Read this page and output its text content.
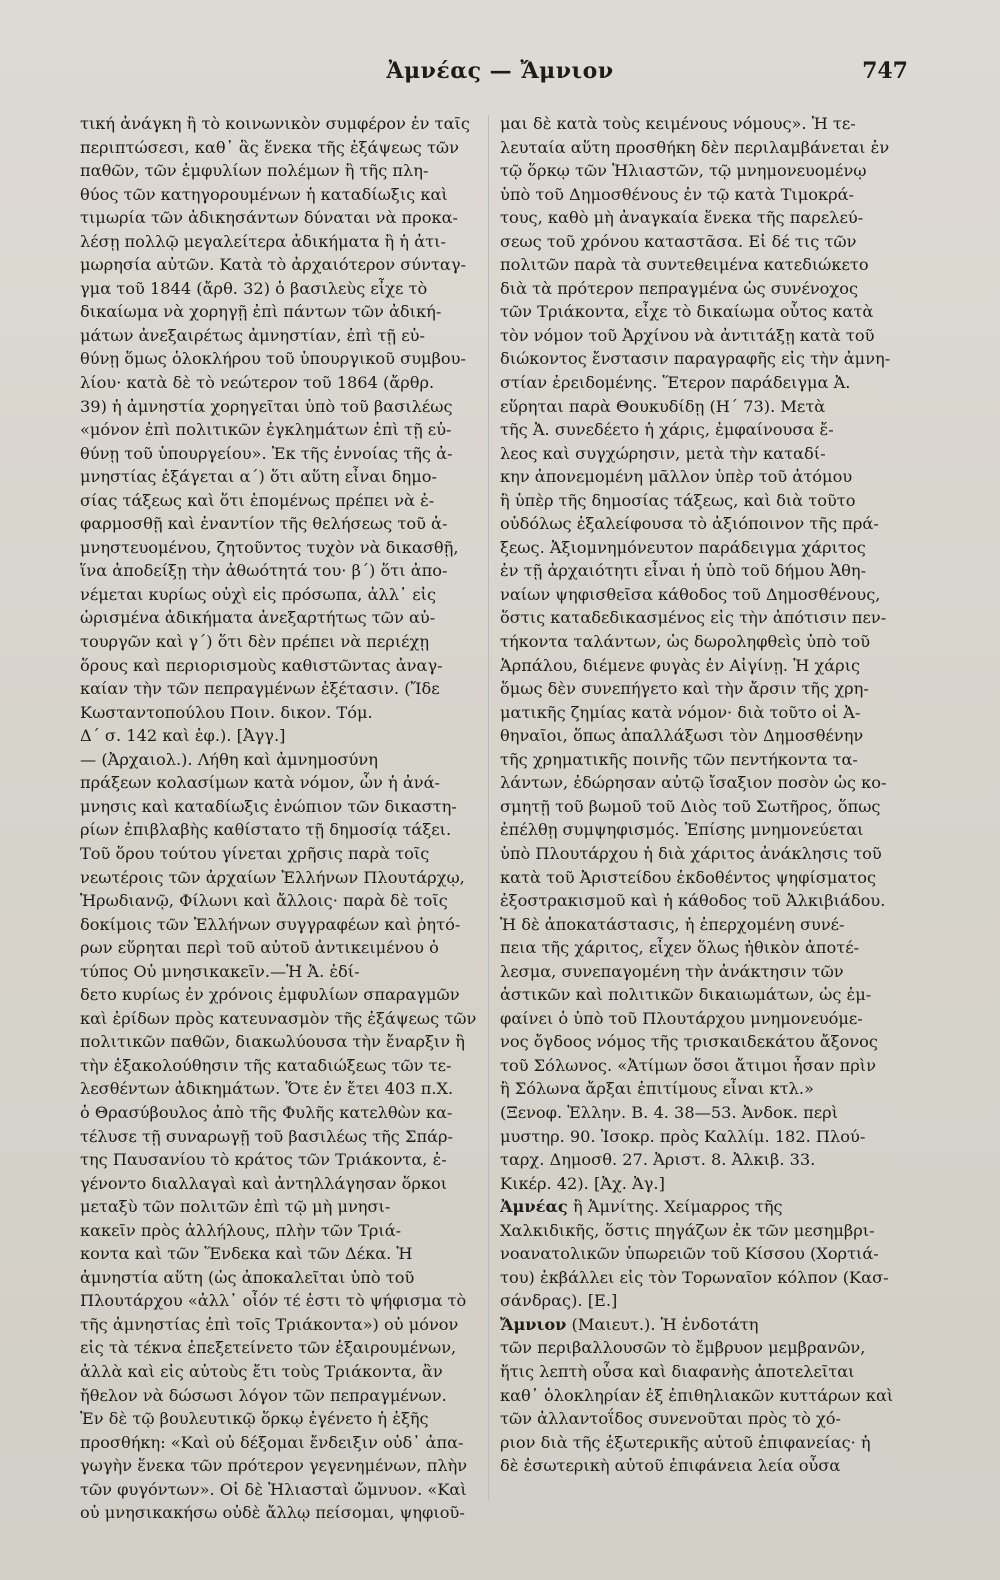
Ἀμνέας — Ἄμνιον	747
τική ἀνάγκη ἢ τὸ κοινωνικὸν συμφέρον ἐν ταῖς
περιπτώσεσι, καθ᾽ ἃς ἕνεκα τῆς ἐξάψεως τῶν
παθῶν, τῶν ἐμφυλίων πολέμων ἢ τῆς πλη-
θύος τῶν κατηγορουμένων ἡ καταδίωξις καὶ
τιμωρία τῶν ἀδικησάντων δύναται νὰ προκα-
λέσῃ πολλῷ μεγαλείτερα ἀδικήματα ἢ ἡ ἀτι-
μωρησία αὐτῶν. Κατὰ τὸ ἀρχαιότερον σύνταγ-
γμα τοῦ 1844 (ἄρθ. 32) ὁ βασιλεὺς εἶχε τὸ
δικαίωμα νὰ χορηγῇ ἐπὶ πάντων τῶν ἀδική-
μάτων ἀνεξαιρέτως ἀμνηστίαν, ἐπὶ τῇ εὐ-
θύνῃ ὅμως ὁλοκλήρου τοῦ ὑπουργικοῦ συμβου-
λίου· κατὰ δὲ τὸ νεώτερον τοῦ 1864 (ἄρθρ.
39) ἡ ἀμνηστία χορηγεῖται ὑπὸ τοῦ βασιλέως
«μόνον ἐπὶ πολιτικῶν ἐγκλημάτων ἐπὶ τῇ εὐ-
θύνῃ τοῦ ὑπουργείου». Ἐκ τῆς ἐννοίας τῆς ἀ-
μνηστίας ἐξάγεται α´) ὅτι αὕτη εἶναι δημο-
σίας τάξεως καὶ ὅτι ἑπομένως πρέπει νὰ ἐ-
φαρμοσθῇ καὶ ἐναντίον τῆς θελήσεως τοῦ ἀ-
μνηστευομένου, ζητοῦντος τυχὸν νὰ δικασθῇ,
ἵνα ἀποδείξῃ τὴν ἀθωότητά του· β´) ὅτι ἀπο-
νέμεται κυρίως οὐχὶ εἰς πρόσωπα, ἀλλ᾽ εἰς
ὡρισμένα ἀδικήματα ἀνεξαρτήτως τῶν αὐ-
τουργῶν καὶ γ´) ὅτι δὲν πρέπει νὰ περιέχῃ
ὅρους καὶ περιορισμοὺς καθιστῶντας ἀναγ-
καίαν τὴν τῶν πεπραγμένων ἐξέτασιν. (Ἴδε
Κωσταντοπούλου Ποιν. δικον. Τόμ.
Δ´ σ. 142 καὶ ἑφ.). [Ἀγγ.]
— (Ἀρχαιολ.). Λήθη καὶ ἀμνημοσύνη
πράξεων κολασίμων κατὰ νόμον, ὧν ἡ ἀνά-
μνησις καὶ καταδίωξις ἐνώπιον τῶν δικαστη-
ρίων ἐπιβλαβὴς καθίστατο τῇ δημοσίᾳ τάξει.
Τοῦ ὅρου τούτου γίνεται χρῆσις παρὰ τοῖς
νεωτέροις τῶν ἀρχαίων Ἑλλήνων Πλουτάρχῳ,
Ἡρωδιανῷ, Φίλωνι καὶ ἄλλοις· παρὰ δὲ τοῖς
δοκίμοις τῶν Ἑλλήνων συγγραφέων καὶ ῥητό-
ρων εὕρηται περὶ τοῦ αὐτοῦ ἀντικειμένου ὁ
τύπος Οὐ μνησικακεῖν.—Ἡ Ἀ. ἐδί-
δετο κυρίως ἐν χρόνοις ἐμφυλίων σπαραγμῶν
καὶ ἐρίδων πρὸς κατευνασμὸν τῆς ἐξάψεως τῶν
πολιτικῶν παθῶν, διακωλύουσα τὴν ἔναρξιν ἢ
τὴν ἐξακολούθησιν τῆς καταδιώξεως τῶν τε-
λεσθέντων ἀδικημάτων. Ὅτε ἐν ἔτει 403 π.Χ.
ὁ Θρασύβουλος ἀπὸ τῆς Φυλῆς κατελθὼν κα-
τέλυσε τῇ συναρωγῇ τοῦ βασιλέως τῆς Σπάρ-
της Παυσανίου τὸ κράτος τῶν Τριάκοντα, ἐ-
γένοντο διαλλαγαὶ καὶ ἀντηλλάγησαν ὅρκοι
μεταξὺ τῶν πολιτῶν ἐπὶ τῷ μὴ μνησι-
κακεῖν πρὸς ἀλλήλους, πλὴν τῶν Τριά-
κοντα καὶ τῶν Ἕνδεκα καὶ τῶν Δέκα. Ἡ
ἀμνηστία αὕτη (ὡς ἀποκαλεῖται ὑπὸ τοῦ
Πλουτάρχου «ἀλλ᾽ οἷόν τέ ἐστι τὸ ψήφισμα τὸ
τῆς ἀμνηστίας ἐπὶ τοῖς Τριάκοντα») οὐ μόνον
εἰς τὰ τέκνα ἐπεξετείνετο τῶν ἐξαιρουμένων,
ἀλλὰ καὶ εἰς αὐτοὺς ἔτι τοὺς Τριάκοντα, ἂν
ἤθελον νὰ δώσωσι λόγον τῶν πεπραγμένων.
Ἐν δὲ τῷ βουλευτικῷ ὅρκῳ ἐγένετο ἡ ἑξῆς
προσθήκη: «Καὶ οὐ δέξομαι ἔνδειξιν οὐδ᾽ ἀπα-
γωγὴν ἕνεκα τῶν πρότερον γεγενημένων, πλὴν
τῶν φυγόντων». Οἱ δὲ Ἡλιασταὶ ὤμνυον. «Καὶ
οὐ μνησικακήσω οὐδὲ ἄλλῳ πείσομαι, ψηφιοῦ-
μαι δὲ κατὰ τοὺς κειμένους νόμους». Ἡ τε-
λευταία αὕτη προσθήκη δὲν περιλαμβάνεται ἐν
τῷ ὅρκῳ τῶν Ἡλιαστῶν, τῷ μνημονευομένῳ
ὑπὸ τοῦ Δημοσθένους ἐν τῷ κατὰ Τιμοκρά-
τους, καθὸ μὴ ἀναγκαία ἕνεκα τῆς παρελεύ-
σεως τοῦ χρόνου καταστᾶσα. Εἰ δέ τις τῶν
πολιτῶν παρὰ τὰ συντεθειμένα κατεδιώκετο
διὰ τὰ πρότερον πεπραγμένα ὡς συνένοχος
τῶν Τριάκοντα, εἶχε τὸ δικαίωμα οὗτος κατὰ
τὸν νόμον τοῦ Ἀρχίνου νὰ ἀντιτάξῃ κατὰ τοῦ
διώκοντος ἔνστασιν παραγραφῆς εἰς τὴν ἀμνη-
στίαν ἐρειδομένης. Ἕτερον παράδειγμα Ἀ.
εὕρηται παρὰ Θουκυδίδῃ (Η´ 73). Μετὰ
τῆς Ἀ. συνεδέετο ἡ χάρις, ἐμφαίνουσα ἔ-
λεος καὶ συγχώρησιν, μετὰ τὴν καταδί-
κην ἀπονεμομένη μᾶλλον ὑπὲρ τοῦ ἀτόμου
ἢ ὑπὲρ τῆς δημοσίας τάξεως, καὶ διὰ τοῦτο
οὐδόλως ἐξαλείφουσα τὸ ἀξιόποινον τῆς πρά-
ξεως. Ἀξιομνημόνευτον παράδειγμα χάριτος
ἐν τῇ ἀρχαιότητι εἶναι ἡ ὑπὸ τοῦ δήμου Ἀθη-
ναίων ψηφισθεῖσα κάθοδος τοῦ Δημοσθένους,
ὅστις καταδεδικασμένος εἰς τὴν ἀπότισιν πεν-
τήκοντα ταλάντων, ὡς δωροληφθεὶς ὑπὸ τοῦ
Ἁρπάλου, διέμενε φυγὰς ἐν Αἰγίνῃ. Ἡ χάρις
ὅμως δὲν συνεπήγετο καὶ τὴν ἄρσιν τῆς χρη-
ματικῆς ζημίας κατὰ νόμον· διὰ τοῦτο οἱ Ἀ-
θηναῖοι, ὅπως ἀπαλλάξωσι τὸν Δημοσθένην
τῆς χρηματικῆς ποινῆς τῶν πεντήκοντα τα-
λάντων, ἐδώρησαν αὐτῷ ἴσαξιον ποσὸν ὡς κο-
σμητῇ τοῦ βωμοῦ τοῦ Διὸς τοῦ Σωτῆρος, ὅπως
ἐπέλθῃ συμψηφισμός. Ἐπίσης μνημονεύεται
ὑπὸ Πλουτάρχου ἡ διὰ χάριτος ἀνάκλησις τοῦ
κατὰ τοῦ Ἀριστείδου ἐκδοθέντος ψηφίσματος
ἐξοστρακισμοῦ καὶ ἡ κάθοδος τοῦ Ἀλκιβιάδου.
Ἡ δὲ ἀποκατάστασις, ἡ ἐπερχομένη συνέ-
πεια τῆς χάριτος, εἶχεν ὅλως ἠθικὸν ἀποτέ-
λεσμα, συνεπαγομένη τὴν ἀνάκτησιν τῶν
ἀστικῶν καὶ πολιτικῶν δικαιωμάτων, ὡς ἐμ-
φαίνει ὁ ὑπὸ τοῦ Πλουτάρχου μνημονευόμε-
νος ὄγδοος νόμος τῆς τρισκαιδεκάτου ἄξονος
τοῦ Σόλωνος. «Ἀτίμων ὅσοι ἄτιμοι ἦσαν πρὶν
ἢ Σόλωνα ἄρξαι ἐπιτίμους εἶναι κτλ.»
(Ξενοφ. Ἑλλην. Β. 4. 38—53. Ἀνδοκ. περὶ
μυστηρ. 90. Ἰσοκρ. πρὸς Καλλίμ. 182. Πλού-
ταρχ. Δημοσθ. 27. Ἀριστ. 8. Ἀλκιβ. 33.
Κικέρ. 42). [Ἀχ. Ἀγ.]
Ἀμνέας ἢ Ἀμνίτης. Χείμαρρος τῆς
Χαλκιδικῆς, ὅστις πηγάζων ἐκ τῶν μεσημβρι-
νοανατολικῶν ὑπωρειῶν τοῦ Κίσσου (Χορτιά-
του) ἐκβάλλει εἰς τὸν Τορωναῖον κόλπον (Κασ-
σάνδρας). [Ε.]
Ἄμνιον (Μαιευτ.). Ἡ ἐνδοτάτη
τῶν περιβαλλουσῶν τὸ ἔμβρυον μεμβρανῶν,
ἥτις λεπτὴ οὖσα καὶ διαφανὴς ἀποτελεῖται
καθ᾽ ὁλοκληρίαν ἐξ ἐπιθηλιακῶν κυττάρων καὶ
τῶν ἀλλαντοΐδος συνενοῦται πρὸς τὸ χό-
ριον διὰ τῆς ἐξωτερικῆς αὐτοῦ ἐπιφανείας· ἡ
δὲ ἐσωτερικὴ αὐτοῦ ἐπιφάνεια λεία οὖσα
